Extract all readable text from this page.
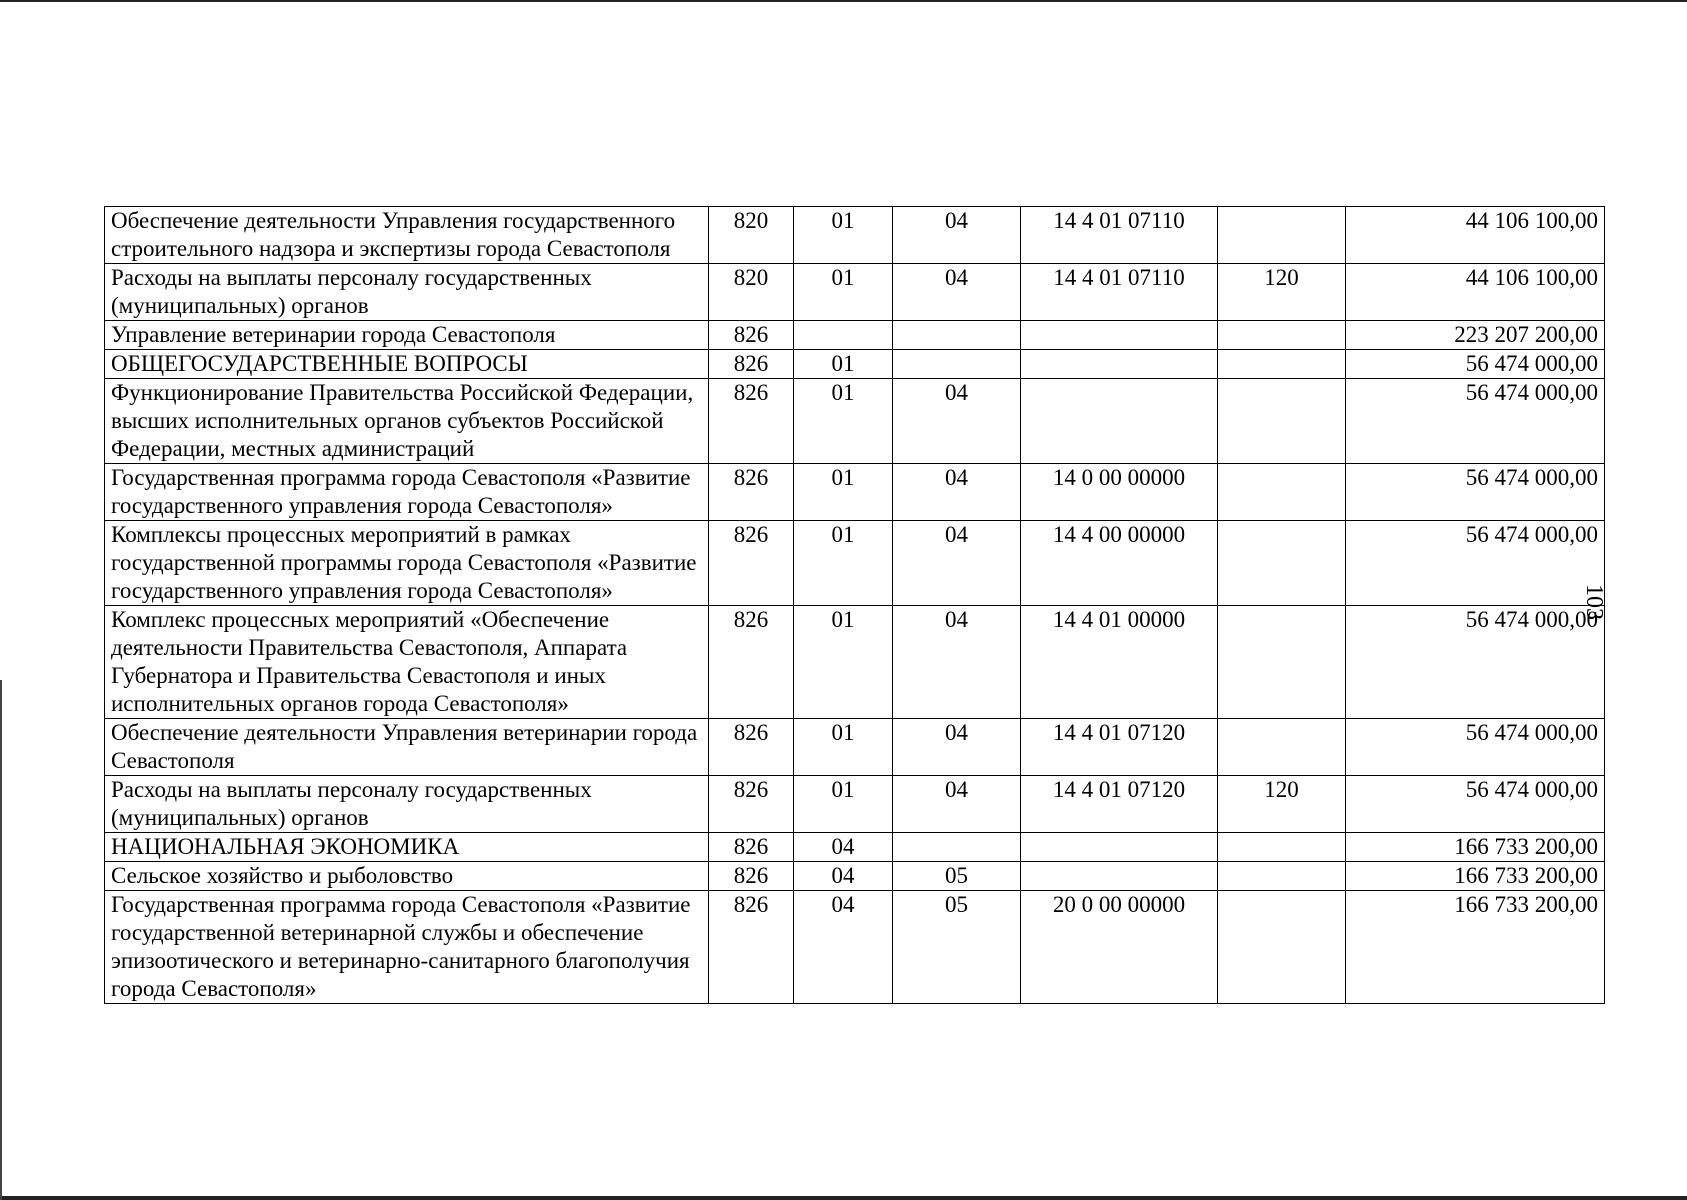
Обеспечение деятельности Управления государственного строительного надзора и экспертизы города Севастополя	820	01	04	14 4 01 07110		44 106 100,00
Расходы на выплаты персоналу государственных (муниципальных) органов	820	01	04	14 4 01 07110	120	44 106 100,00
Управление ветеринарии города Севастополя	826					223 207 200,00
ОБЩЕГОСУДАРСТВЕННЫЕ ВОПРОСЫ	826	01				56 474 000,00
Функционирование Правительства Российской Федерации, высших исполнительных органов субъектов Российской Федерации, местных администраций	826	01	04			56 474 000,00
Государственная программа города Севастополя «Развитие государственного управления города Севастополя»	826	01	04	14 0 00 00000		56 474 000,00
Комплексы процессных мероприятий в рамках государственной программы города Севастополя «Развитие государственного управления города Севастополя»	826	01	04	14 4 00 00000		56 474 000,00
Комплекс процессных мероприятий «Обеспечение деятельности Правительства Севастополя, Аппарата Губернатора и Правительства Севастополя и иных исполнительных органов города Севастополя»	826	01	04	14 4 01 00000		56 474 000,00
Обеспечение деятельности Управления ветеринарии города Севастополя	826	01	04	14 4 01 07120		56 474 000,00
Расходы на выплаты персоналу государственных (муниципальных) органов	826	01	04	14 4 01 07120	120	56 474 000,00
НАЦИОНАЛЬНАЯ ЭКОНОМИКА	826	04				166 733 200,00
Сельское хозяйство и рыболовство	826	04	05			166 733 200,00
Государственная программа города Севастополя «Развитие государственной ветеринарной службы и обеспечение эпизоотического и ветеринарно-санитарного благополучия города Севастополя»	826	04	05	20 0 00 00000		166 733 200,00
103
